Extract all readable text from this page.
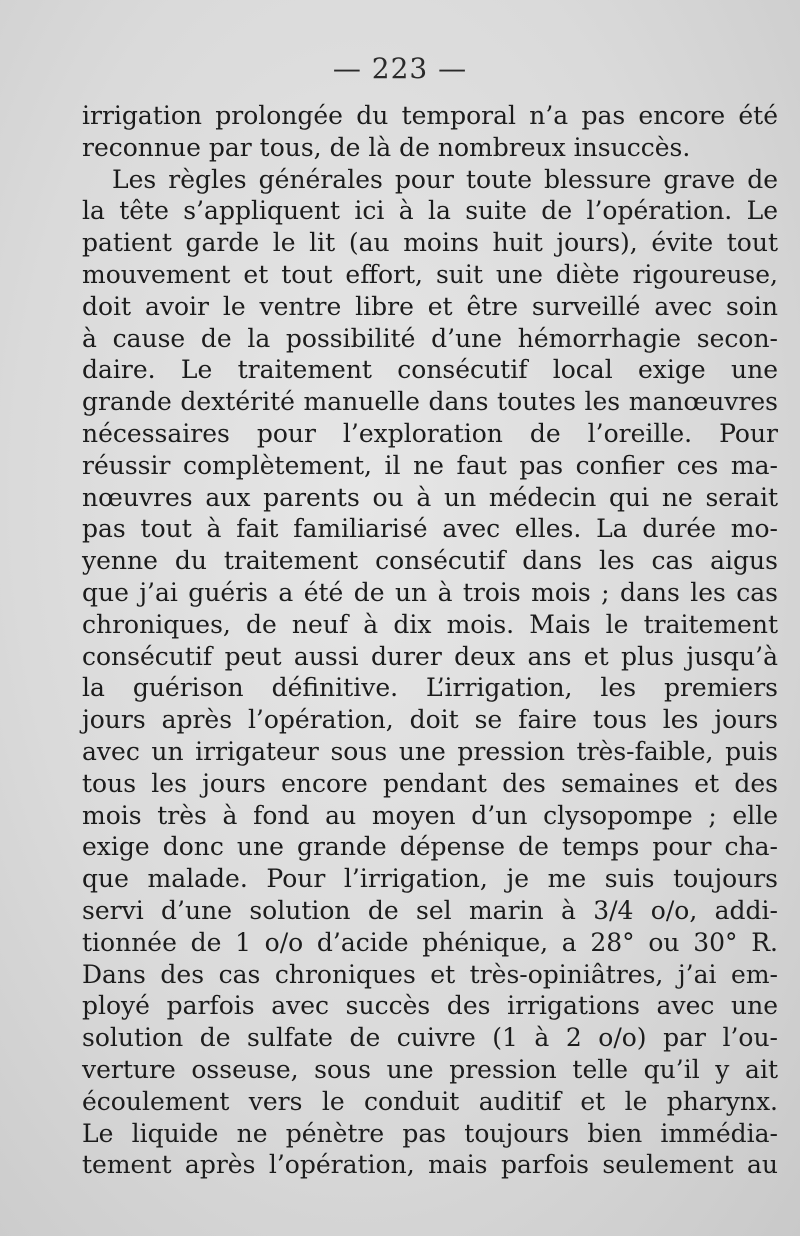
— 223 —
irrigation prolongée du temporal n’a pas encore été
reconnue par tous, de là de nombreux insuccès.
Les règles générales pour toute blessure grave de
la tête s’appliquent ici à la suite de l’opération. Le
patient garde le lit (au moins huit jours), évite tout
mouvement et tout effort, suit une diète rigoureuse,
doit avoir le ventre libre et être surveillé avec soin
à cause de la possibilité d’une hémorrhagie secon-
daire. Le traitement consécutif local exige une
grande dextérité manuelle dans toutes les manœuvres
nécessaires pour l’exploration de l’oreille. Pour
réussir complètement, il ne faut pas confier ces ma-
nœuvres aux parents ou à un médecin qui ne serait
pas tout à fait familiarisé avec elles. La durée mo-
yenne du traitement consécutif dans les cas aigus
que j’ai guéris a été de un à trois mois ; dans les cas
chroniques, de neuf à dix mois. Mais le traitement
consécutif peut aussi durer deux ans et plus jusqu’à
la guérison définitive. L’irrigation, les premiers
jours après l’opération, doit se faire tous les jours
avec un irrigateur sous une pression très-faible, puis
tous les jours encore pendant des semaines et des
mois très à fond au moyen d’un clysopompe ; elle
exige donc une grande dépense de temps pour cha-
que malade. Pour l’irrigation, je me suis toujours
servi d’une solution de sel marin à 3/4 o/o, addi-
tionnée de 1 o/o d’acide phénique, a 28° ou 30° R.
Dans des cas chroniques et très-opiniâtres, j’ai em-
ployé parfois avec succès des irrigations avec une
solution de sulfate de cuivre (1 à 2 o/o) par l’ou-
verture osseuse, sous une pression telle qu’il y ait
écoulement vers le conduit auditif et le pharynx.
Le liquide ne pénètre pas toujours bien immédia-
tement après l’opération, mais parfois seulement au
